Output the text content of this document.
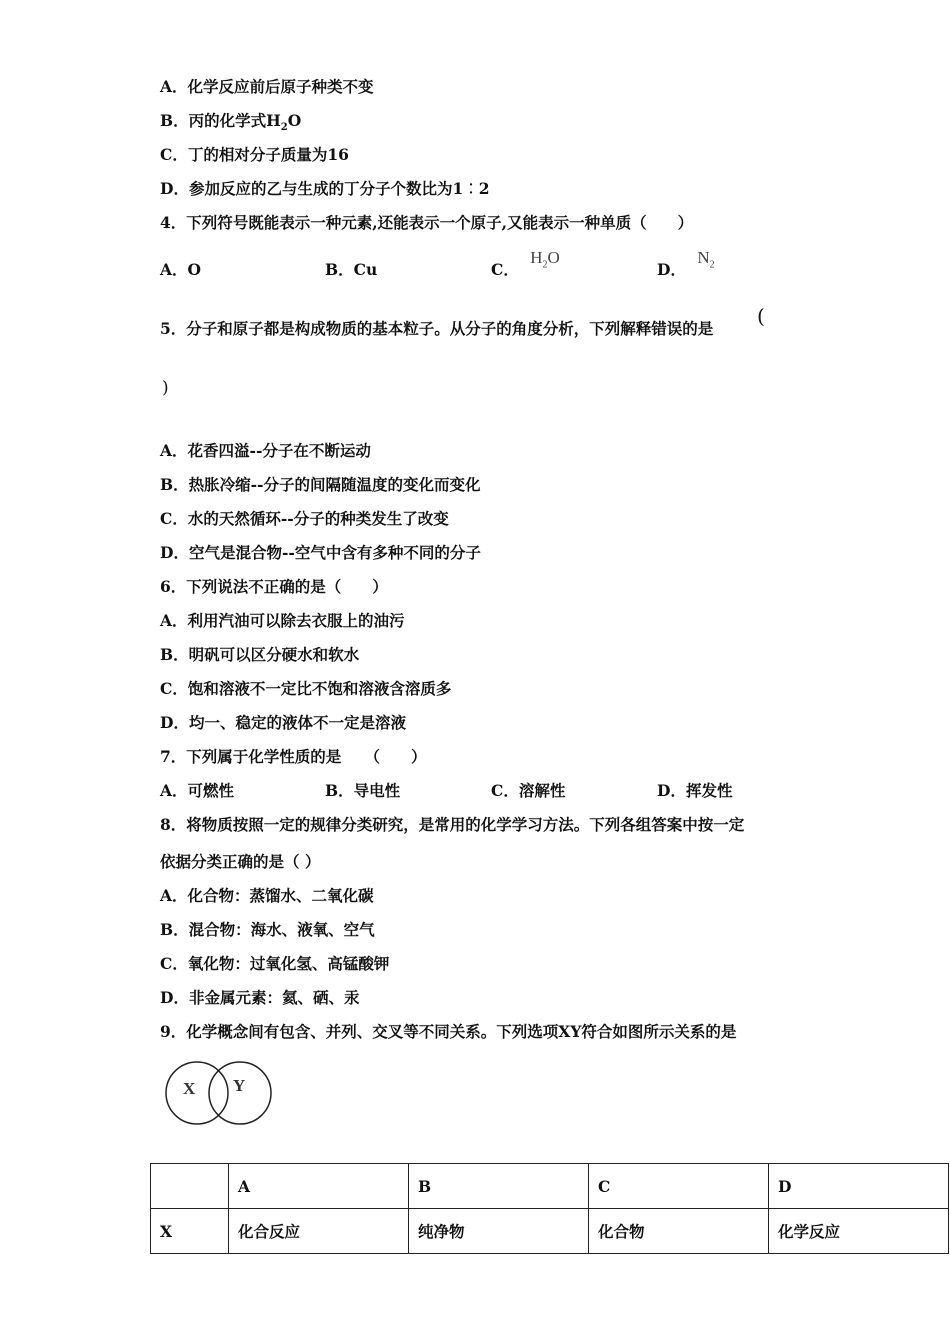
A．化学反应前后原子种类不变
B．丙的化学式$H_2O$
C．丁的相对分子质量为16
D．参加反应的乙与生成的丁分子个数比为1︰2
4．下列符号既能表示一种元素,还能表示一个原子,又能表示一种单质（　　）
A．O	B．Cu	C． $H_2O$
D． $N_2$
5．分子和原子都是构成物质的基本粒子。从分子的角度分析，下列解释错误的是
(
)
A．花香四溢--分子在不断运动
B．热胀冷缩--分子的间隔随温度的变化而变化
C．水的天然循环--分子的种类发生了改变
D．空气是混合物--空气中含有多种不同的分子
6．下列说法不正确的是（　　）
A．利用汽油可以除去衣服上的油污
B．明矾可以区分硬水和软水
C．饱和溶液不一定比不饱和溶液含溶质多
D．均一、稳定的液体不一定是溶液
7．下列属于化学性质的是　　（　　）
A．可燃性	B．导电性	C．溶解性	D．挥发性
8．将物质按照一定的规律分类研究，是常用的化学学习方法。下列各组答案中按一定
依据分类正确的是（ ）
A．化合物：蒸馏水、二氧化碳
B．混合物：海水、液氧、空气
C．氧化物：过氧化氢、高锰酸钾
D．非金属元素：氦、硒、汞
9．化学概念间有包含、并列、交叉等不同关系。下列选项XY符合如图所示关系的是
X Y
	A	B	C	D
X	化合反应	纯净物	化合物	化学反应
